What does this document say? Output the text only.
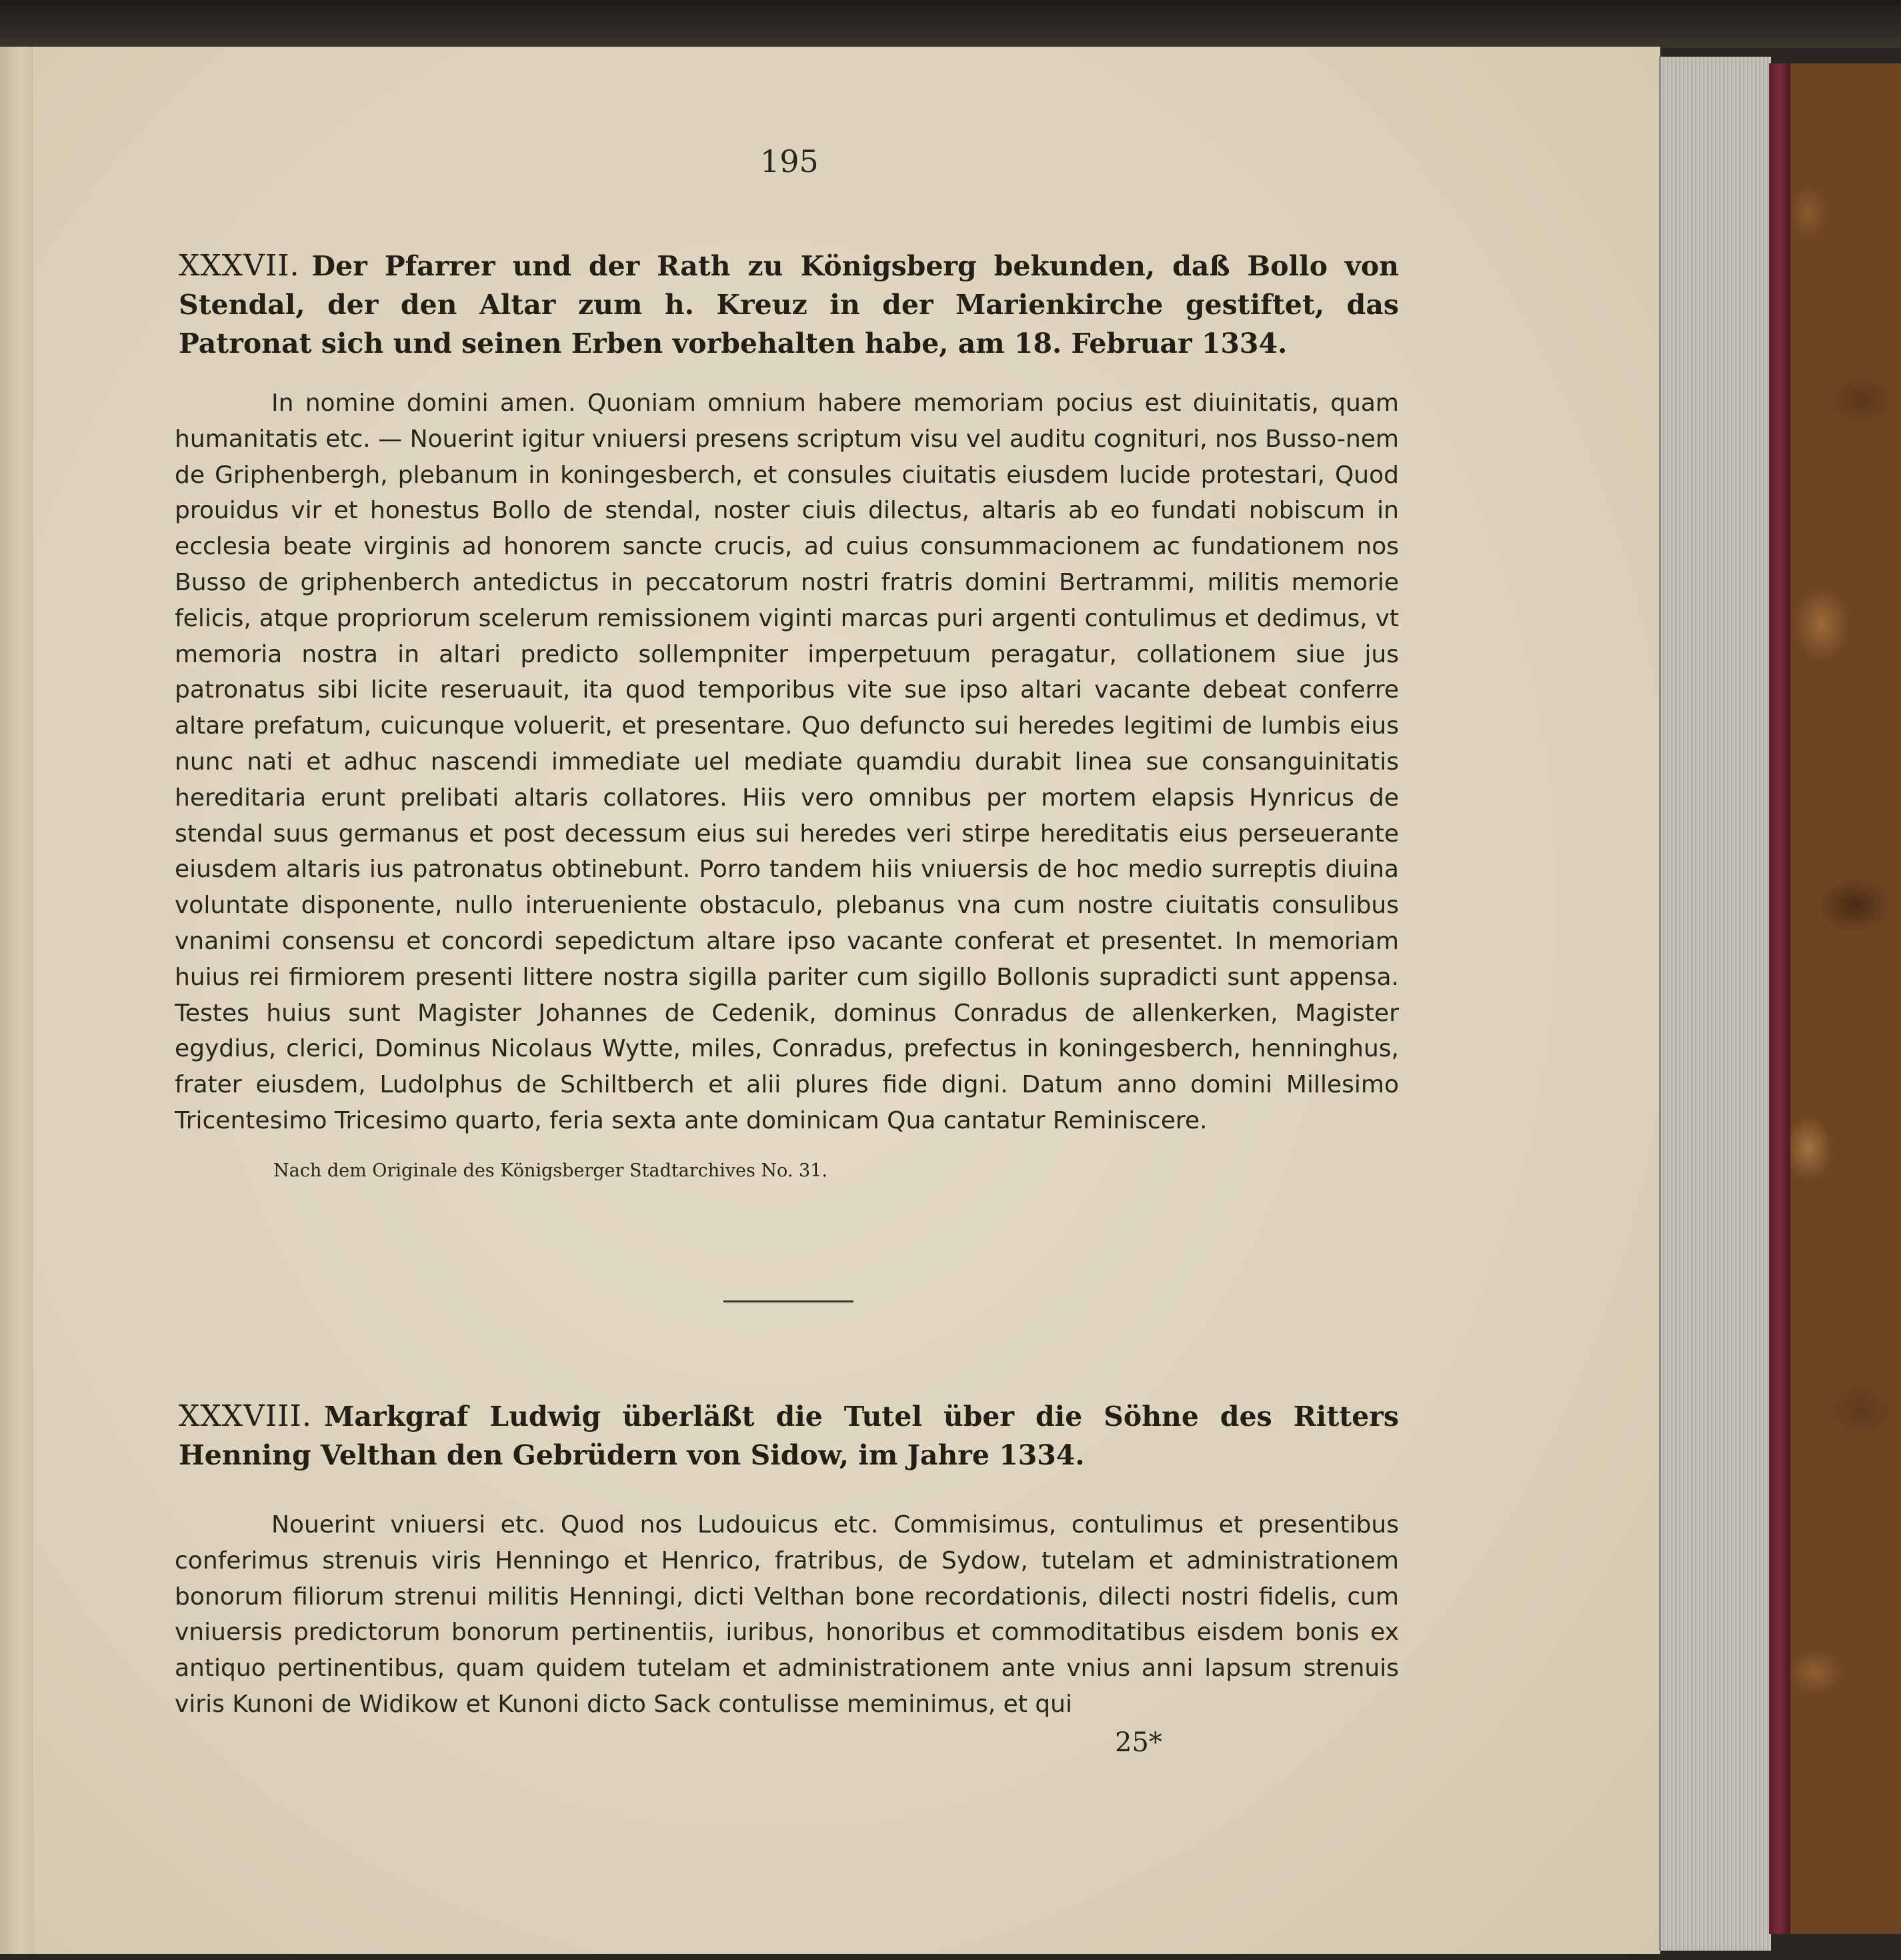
195
XXXVII. Der Pfarrer und der Rath zu Königsberg bekunden, daß Bollo von Stendal, der den Altar zum h. Kreuz in der Marienkirche gestiftet, das Patronat sich und seinen Erben vorbehalten habe, am 18. Februar 1334.

In nomine domini amen. Quoniam omnium habere memoriam pocius est diuinitatis, quam humanitatis etc. — Nouerint igitur vniuersi presens scriptum visu vel auditu cognituri, nos Busso-nem de Griphenbergh, plebanum in koningesberch, et consules ciuitatis eiusdem lucide protestari, Quod prouidus vir et honestus Bollo de stendal, noster ciuis dilectus, altaris ab eo fundati nobiscum in ecclesia beate virginis ad honorem sancte crucis, ad cuius consummacionem ac fundationem nos Busso de griphenberch antedictus in peccatorum nostri fratris domini Bertrammi, militis memorie felicis, atque propriorum scelerum remissionem viginti marcas puri argenti contulimus et dedimus, vt memoria nostra in altari predicto sollempniter imperpetuum peragatur, collationem siue jus patronatus sibi licite reseruauit, ita quod temporibus vite sue ipso altari vacante debeat conferre altare prefatum, cuicunque voluerit, et presentare. Quo defuncto sui heredes legitimi de lumbis eius nunc nati et adhuc nascendi immediate uel mediate quamdiu durabit linea sue consanguinitatis hereditaria erunt prelibati altaris collatores. Hiis vero omnibus per mortem elapsis Hynricus de stendal suus germanus et post decessum eius sui heredes veri stirpe hereditatis eius perseuerante eiusdem altaris ius patronatus obtinebunt. Porro tandem hiis vniuersis de hoc medio surreptis diuina voluntate disponente, nullo interueniente obstaculo, plebanus vna cum nostre ciuitatis consulibus vnanimi consensu et concordi sepedictum altare ipso vacante conferat et presentet. In memoriam huius rei firmiorem presenti littere nostra sigilla pariter cum sigillo Bollonis supradicti sunt appensa. Testes huius sunt Magister Johannes de Cedenik, dominus Conradus de allenkerken, Magister egydius, clerici, Dominus Nicolaus Wytte, miles, Conradus, prefectus in koningesberch, henninghus, frater eiusdem, Ludolphus de Schiltberch et alii plures fide digni. Datum anno domini Millesimo Tricentesimo Tricesimo quarto, feria sexta ante dominicam Qua cantatur Reminiscere.

Nach dem Originale des Königsberger Stadtarchives No. 31.
XXXVIII. Markgraf Ludwig überläßt die Tutel über die Söhne des Ritters Henning Velthan den Gebrüdern von Sidow, im Jahre 1334.

Nouerint vniuersi etc. Quod nos Ludouicus etc. Commisimus, contulimus et presentibus conferimus strenuis viris Henningo et Henrico, fratribus, de Sydow, tutelam et administrationem bonorum filiorum strenui militis Henningi, dicti Velthan bone recordationis, dilecti nostri fidelis, cum vniuersis predictorum bonorum pertinentiis, iuribus, honoribus et commoditatibus eisdem bonis ex antiquo pertinentibus, quam quidem tutelam et administrationem ante vnius anni lapsum strenuis viris Kunoni de Widikow et Kunoni dicto Sack contulisse meminimus, et qui

25*
